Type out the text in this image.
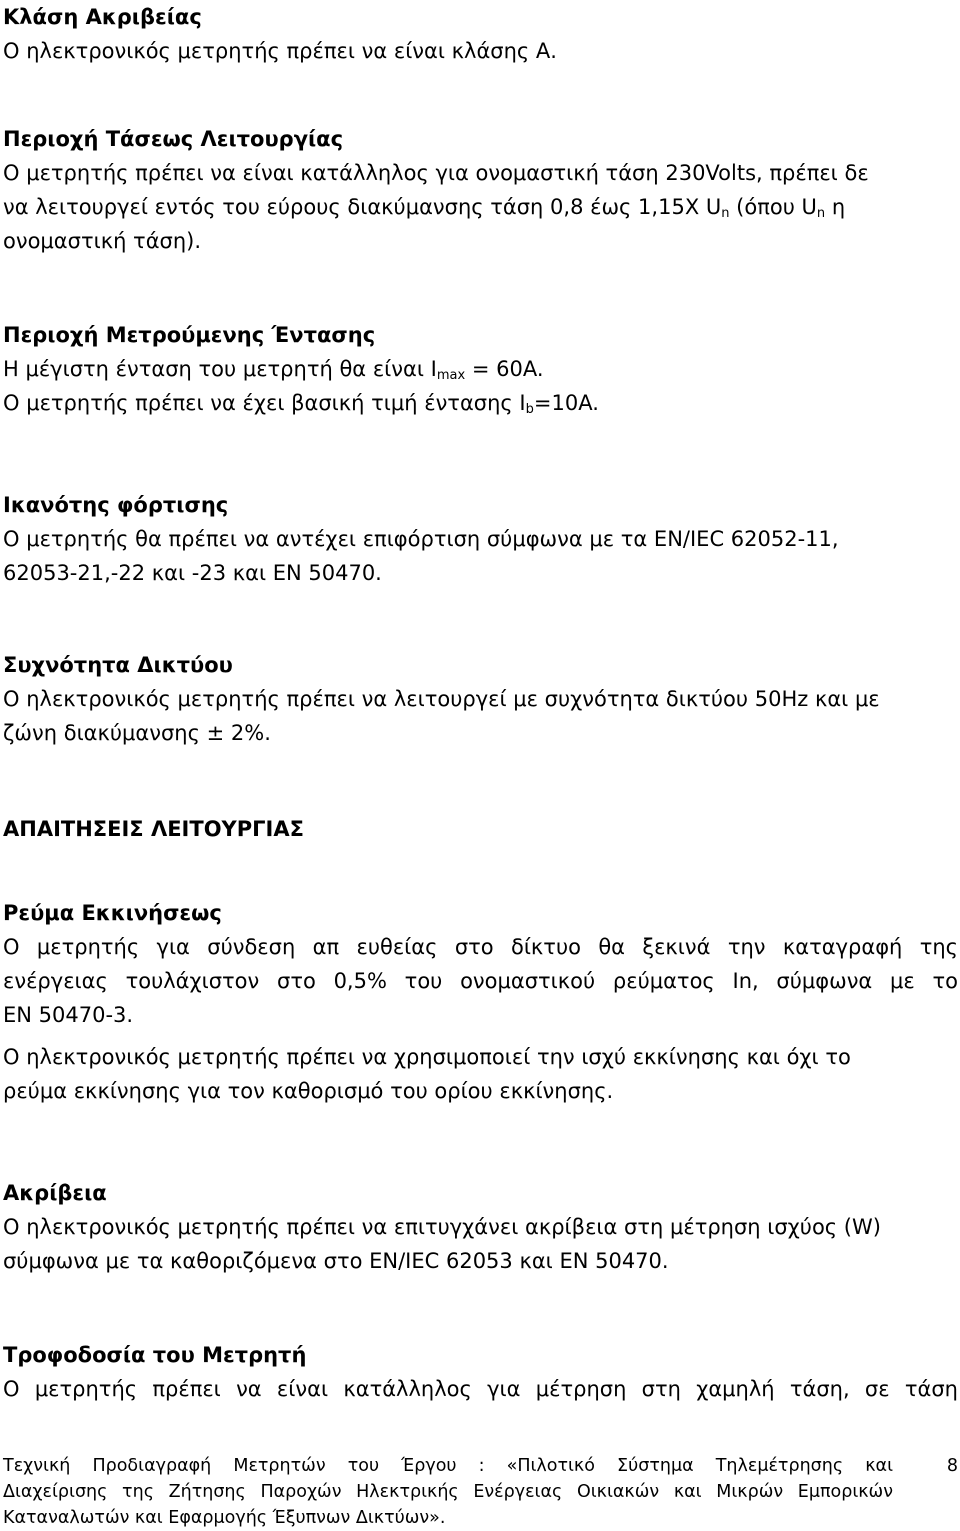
Κλάση Ακριβείας

Ο ηλεκτρονικός μετρητής πρέπει να είναι κλάσης Α.

Περιοχή Τάσεως Λειτουργίας

Ο μετρητής πρέπει να είναι κατάλληλος για ονομαστική τάση 230Volts, πρέπει δε

να λειτουργεί εντός του εύρους διακύμανσης τάση 0,8 έως 1,15Χ $U_n$ (όπου $U_n$ η

ονομαστική τάση).

Περιοχή Μετρούμενης Έντασης

Η μέγιστη ένταση του μετρητή θα είναι $I_{max} = 60A$.

Ο μετρητής πρέπει να έχει βασική τιμή έντασης $I_b=10A$.

Ικανότης φόρτισης

Ο μετρητής θα πρέπει να αντέχει επιφόρτιση σύμφωνα με τα EN/IEC 62052-11,

62053-21,-22 και -23 και EN 50470.

Συχνότητα Δικτύου

Ο ηλεκτρονικός μετρητής πρέπει να λειτουργεί με συχνότητα δικτύου 50Hz και με

ζώνη διακύμανσης ± 2%.

ΑΠΑΙΤΗΣΕΙΣ ΛΕΙΤΟΥΡΓΙΑΣ

Ρεύμα Εκκινήσεως

Ο μετρητής για σύνδεση απ ευθείας στο δίκτυο θα ξεκινά την καταγραφή της

ενέργειας τουλάχιστον στο 0,5% του ονομαστικού ρεύματος In, σύμφωνα με το

EN 50470-3.

Ο ηλεκτρονικός μετρητής πρέπει να χρησιμοποιεί την ισχύ εκκίνησης και όχι το

ρεύμα εκκίνησης για τον καθορισμό του ορίου εκκίνησης.

Ακρίβεια

Ο ηλεκτρονικός μετρητής πρέπει να επιτυγχάνει ακρίβεια στη μέτρηση ισχύος (W)

σύμφωνα με τα καθοριζόμενα στο EN/IEC 62053 και EN 50470.

Τροφοδοσία του Μετρητή

Ο μετρητής πρέπει να είναι κατάλληλος για μέτρηση στη χαμηλή τάση, σε τάση

Τεχνική Προδιαγραφή Μετρητών του Έργου : «Πιλοτικό Σύστημα Τηλεμέτρησης και	8
Διαχείρισης της Ζήτησης Παροχών Ηλεκτρικής Ενέργειας Οικιακών και Μικρών Εμπορικών
Καταναλωτών και Εφαρμογής Έξυπνων Δικτύων».
